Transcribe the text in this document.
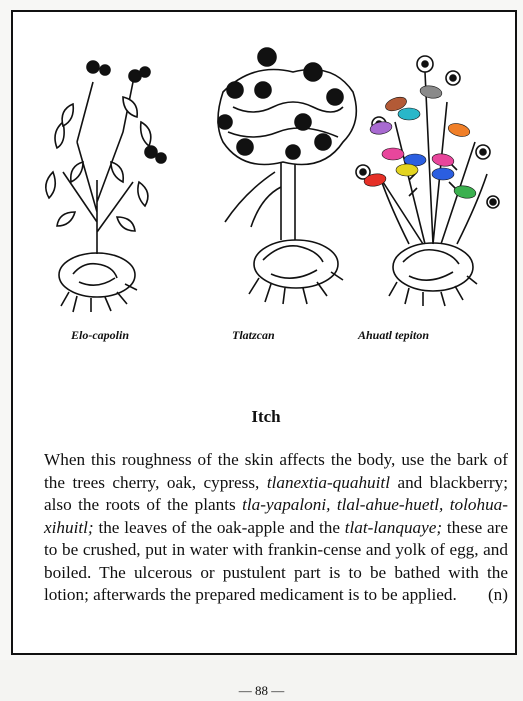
Elo-capolin	Tlatzcan	Ahuatl tepiton
Itch
When this roughness of the skin affects the body, use the bark of the trees cherry, oak, cypress, tlanextia-quahuitl and blackberry; also the roots of the plants tla-yapaloni, tlal-ahue-huetl, tolohua-xihuitl; the leaves of the oak-apple and the tlat-lanquaye; these are to be crushed, put in water with frankin-cense and yolk of egg, and boiled. The ulcerous or pustulent part is to be bathed with the lotion; afterwards the prepared medicament is to be applied. (n)
— 88 —
